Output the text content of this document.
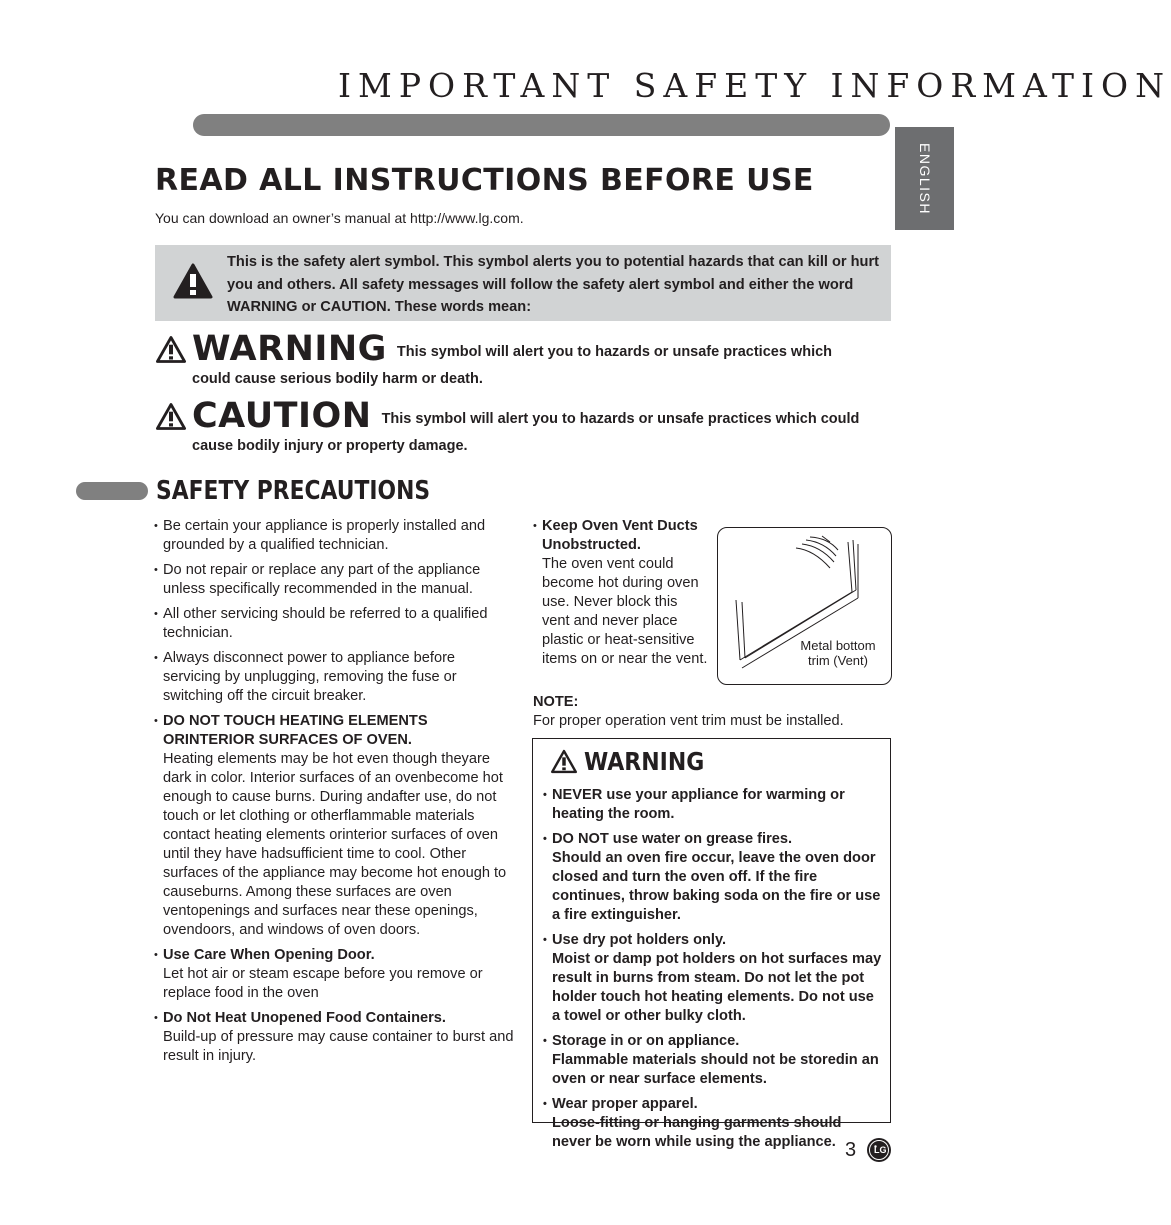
IMPORTANT SAFETY INFORMATION
ENGLISH
READ ALL INSTRUCTIONS BEFORE USE
You can download an owner’s manual at http://www.lg.com.

This is the safety alert symbol. This symbol alerts you to potential hazards that can kill or hurt you and others. All safety messages will follow the safety alert symbol and either the word WARNING or CAUTION. These words mean:

WARNING This symbol will alert you to hazards or unsafe practices which

could cause serious bodily harm or death.

CAUTION This symbol will alert you to hazards or unsafe practices which could

cause bodily injury or property damage.

SAFETY PRECAUTIONS
• Be certain your appliance is properly installed and grounded by a qualified technician.
• Do not repair or replace any part of the appliance unless specifically recommended in the manual.
• All other servicing should be referred to a qualified technician.
• Always disconnect power to appliance before servicing by unplugging, removing the fuse or switching off the circuit breaker.
• DO NOT TOUCH HEATING ELEMENTS ORINTERIOR SURFACES OF OVEN.
Heating elements may be hot even though theyare dark in color. Interior surfaces of an ovenbecome hot enough to cause burns. During andafter use, do not touch or let clothing or otherflammable materials contact heating elements orinterior surfaces of oven until they have hadsufficient time to cool. Other surfaces of the appliance may become hot enough to causeburns. Among these surfaces are oven ventopenings and surfaces near these openings, ovendoors, and windows of oven doors.
• Use Care When Opening Door.
Let hot air or steam escape before you remove or replace food in the oven
• Do Not Heat Unopened Food Containers.
Build-up of pressure may cause container to burst and result in injury.
• Keep Oven Vent Ducts Unobstructed.
The oven vent could become hot during oven use. Never block this vent and never place plastic or heat-sensitive items on or near the vent.
Metal bottom
trim (Vent)
NOTE:
For proper operation vent trim must be installed.
WARNING
• NEVER use your appliance for warming or heating the room.
• DO NOT use water on grease fires.
Should an oven fire occur, leave the oven door closed and turn the oven off. If the fire continues, throw baking soda on the fire or use a fire extinguisher.
• Use dry pot holders only.
Moist or damp pot holders on hot surfaces may result in burns from steam. Do not let the pot holder touch hot heating elements. Do not use a towel or other bulky cloth.
• Storage in or on appliance.
Flammable materials should not be storedin an oven or near surface elements.
• Wear proper apparel.
Loose-fitting or hanging garments should never be worn while using the appliance. 3 LG
